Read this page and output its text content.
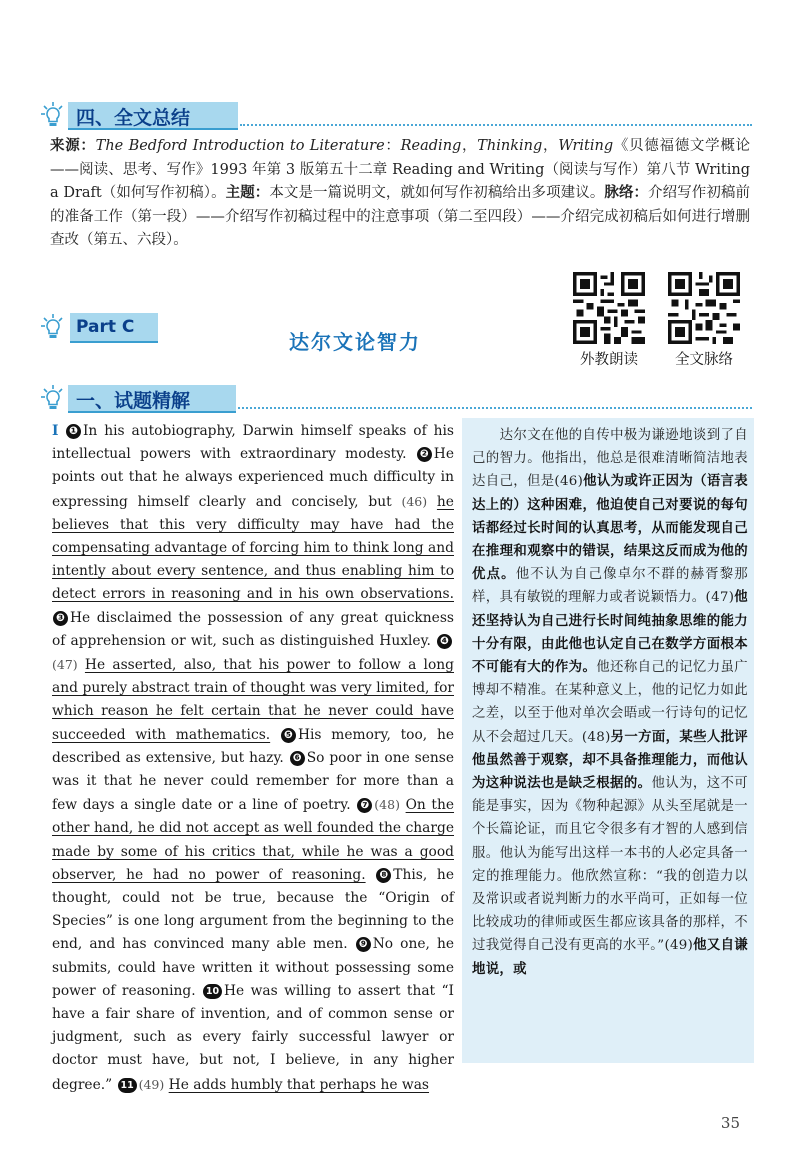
四、全文总结
来源：The Bedford Introduction to Literature：Reading，Thinking，Writing《贝德福德文学概论——阅读、思考、写作》1993 年第 3 版第五十二章 Reading and Writing（阅读与写作）第八节 Writing a Draft（如何写作初稿）。主题：本文是一篇说明文，就如何写作初稿给出多项建议。脉络：介绍写作初稿前的准备工作（第一段）——介绍写作初稿过程中的注意事项（第二至四段）——介绍完成初稿后如何进行增删查改（第五、六段）。
Part C
达尔文论智力
外教朗读	全文脉络
一、试题精解
Ⅰ ❶ In his autobiography, Darwin himself speaks of his intellectual powers with extraordinary modesty. ❷ He points out that he always experienced much difficulty in expressing himself clearly and concisely, but (46) he believes that this very difficulty may have had the compensating advantage of forcing him to think long and intently about every sentence, and thus enabling him to detect errors in reasoning and in his own observations. ❸ He disclaimed the possession of any great quickness of apprehension or wit, such as distinguished Huxley. ❹(47) He asserted, also, that his power to follow a long and purely abstract train of thought was very limited, for which reason he felt certain that he never could have succeeded with mathematics. ❺ His memory, too, he described as extensive, but hazy. ❻ So poor in one sense was it that he never could remember for more than a few days a single date or a line of poetry. ❼ (48) On the other hand, he did not accept as well founded the charge made by some of his critics that, while he was a good observer, he had no power of reasoning. ❽ This, he thought, could not be true, because the “Origin of Species” is one long argument from the beginning to the end, and has convinced many able men. ❾ No one, he submits, could have written it without possessing some power of reasoning. 10 He was willing to assert that “I have a fair share of invention, and of common sense or judgment, such as every fairly successful lawyer or doctor must have, but not, I believe, in any higher degree.” 11 (49) He adds humbly that perhaps he was
　　达尔文在他的自传中极为谦逊地谈到了自己的智力。他指出，他总是很难清晰简洁地表达自己，但是(46)他认为或许正因为（语言表达上的）这种困难，他迫使自己对要说的每句话都经过长时间的认真思考，从而能发现自己在推理和观察中的错误，结果这反而成为他的优点。他不认为自己像卓尔不群的赫胥黎那样，具有敏锐的理解力或者说颖悟力。(47)他还坚持认为自己进行长时间纯抽象思维的能力十分有限，由此他也认定自己在数学方面根本不可能有大的作为。他还称自己的记忆力虽广博却不精准。在某种意义上，他的记忆力如此之差，以至于他对单次会晤或一行诗句的记忆从不会超过几天。(48)另一方面，某些人批评他虽然善于观察，却不具备推理能力，而他认为这种说法也是缺乏根据的。他认为，这不可能是事实，因为《物种起源》从头至尾就是一个长篇论证，而且它令很多有才智的人感到信服。他认为能写出这样一本书的人必定具备一定的推理能力。他欣然宣称：“我的创造力以及常识或者说判断力的水平尚可，正如每一位比较成功的律师或医生都应该具备的那样，不过我觉得自己没有更高的水平。”(49)他又自谦地说，或
35
